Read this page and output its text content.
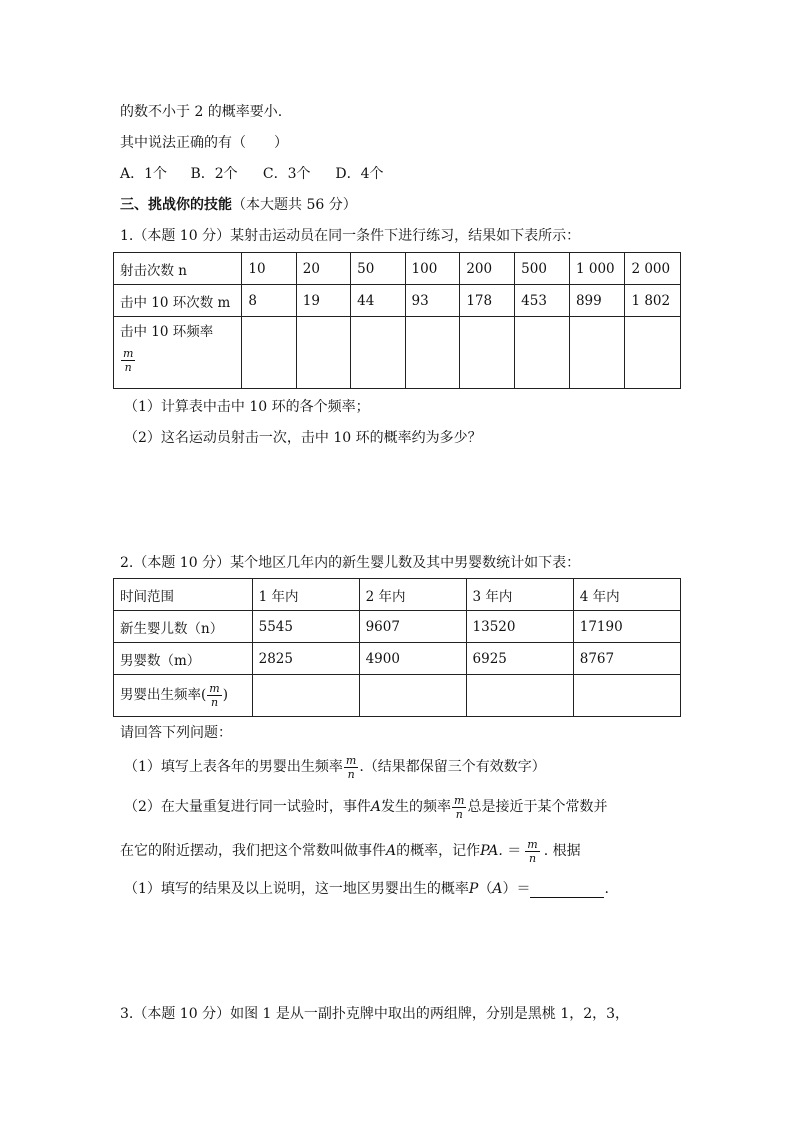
的数不小于 2 的概率要小.
其中说法正确的有（　　）
A．1个 B．2个 C．3个 D．4个
三、挑战你的技能（本大题共 56 分）
1.（本题 10 分）某射击运动员在同一条件下进行练习，结果如下表所示：
射击次数 n	10	20	50	100	200	500	1 000	2 000
击中 10 环次数 m	8	19	44	93	178	453	899	1 802

击中 10 环频率
$\frac{m}{n}$

（1）计算表中击中 10 环的各个频率；
（2）这名运动员射击一次，击中 10 环的概率约为多少？
2.（本题 10 分）某个地区几年内的新生婴儿数及其中男婴数统计如下表：
时间范围	1 年内	2 年内	3 年内	4 年内
新生婴儿数（n）	5545	9607	13520	17190
男婴数（m）	2825	4900	6925	8767
男婴出生频率( $\frac{m}{n}$ )				
请回答下列问题：
（1）填写上表各年的男婴出生频率 $\frac{m}{n}$ .（结果都保留三个有效数字）
（2）在大量重复进行同一试验时，事件A发生的频率 $\frac{m}{n}$ 总是接近于某个常数并
在它的附近摆动，我们把这个常数叫做事件A的概率，记作PA. ＝ $\frac{m}{n}$ . 根据
（1）填写的结果及以上说明，这一地区男婴出生的概率P（A）＝	.
3.（本题 10 分）如图 1 是从一副扑克牌中取出的两组牌，分别是黑桃 1，2，3，
